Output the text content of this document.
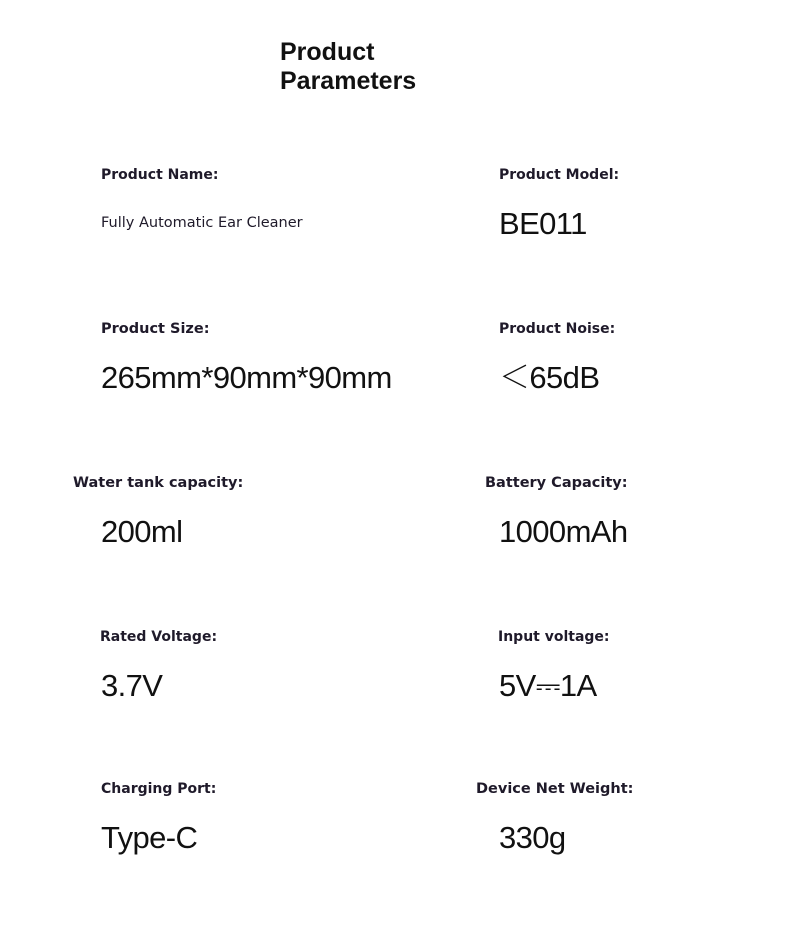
Product Parameters
Product Name:
Fully Automatic Ear Cleaner
Product Model:
BE011
Product Size:
265mm*90mm*90mm
Product Noise:
＜65dB
Water tank capacity:
200ml
Battery Capacity:
1000mAh
Rated Voltage:
3.7V
Input voltage:
5V⎓1A
Charging Port:
Type-C
Device Net Weight:
330g
